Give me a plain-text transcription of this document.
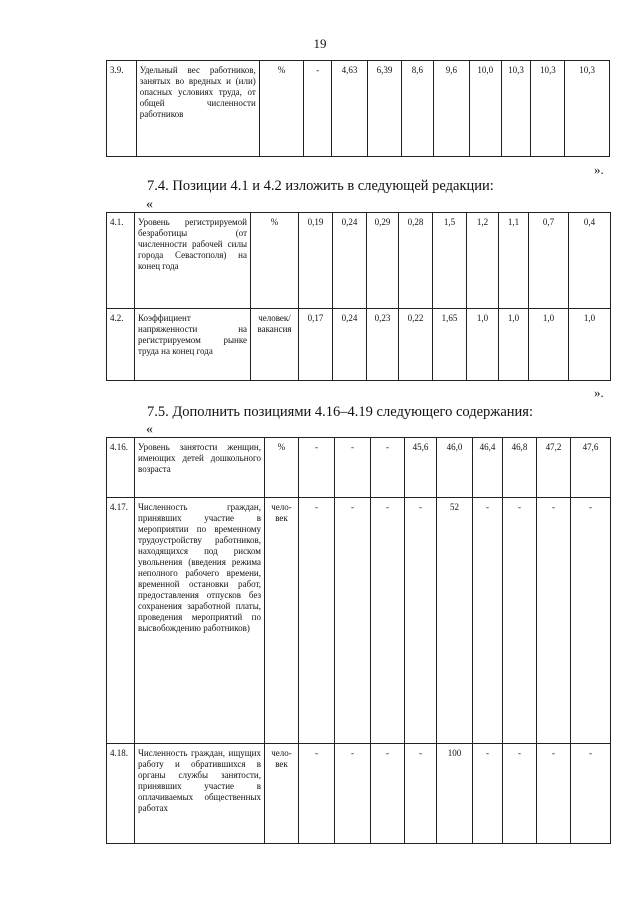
19
3.9.	Удельный вес работников, занятых во вредных и (или) опасных условиях труда, от общей численности работников	%	-	4,63	6,39	8,6	9,6	10,0	10,3	10,3	10,3
».
7.4. Позиции 4.1 и 4.2 изложить в следующей редакции:
«
4.1.	Уровень регистрируемой безработицы (от численности рабочей силы города Севастополя) на конец года	%	0,19	0,24	0,29	0,28	1,5	1,2	1,1	0,7	0,4
4.2.	Коэффициент напряженности на регистрируемом рынке труда на конец года	человек/ вакансия	0,17	0,24	0,23	0,22	1,65	1,0	1,0	1,0	1,0
».
7.5. Дополнить позициями 4.16–4.19 следующего содержания:
«
4.16.	Уровень занятости женщин, имеющих детей дошкольного возраста	%	-	-	-	45,6	46,0	46,4	46,8	47,2	47,6
4.17.	Численность граждан, принявших участие в мероприятии по временному трудоустройству работников, находящихся под риском увольнения (введения режима неполного рабочего времени, временной остановки работ, предоставления отпусков без сохранения заработной платы, проведения мероприятий по высвобождению работников)	чело- век	-	-	-	-	52	-	-	-	-
4.18.	Численность граждан, ищущих работу и обратившихся в органы службы занятости, принявших участие в оплачиваемых общественных работах	чело- век	-	-	-	-	100	-	-	-	-
